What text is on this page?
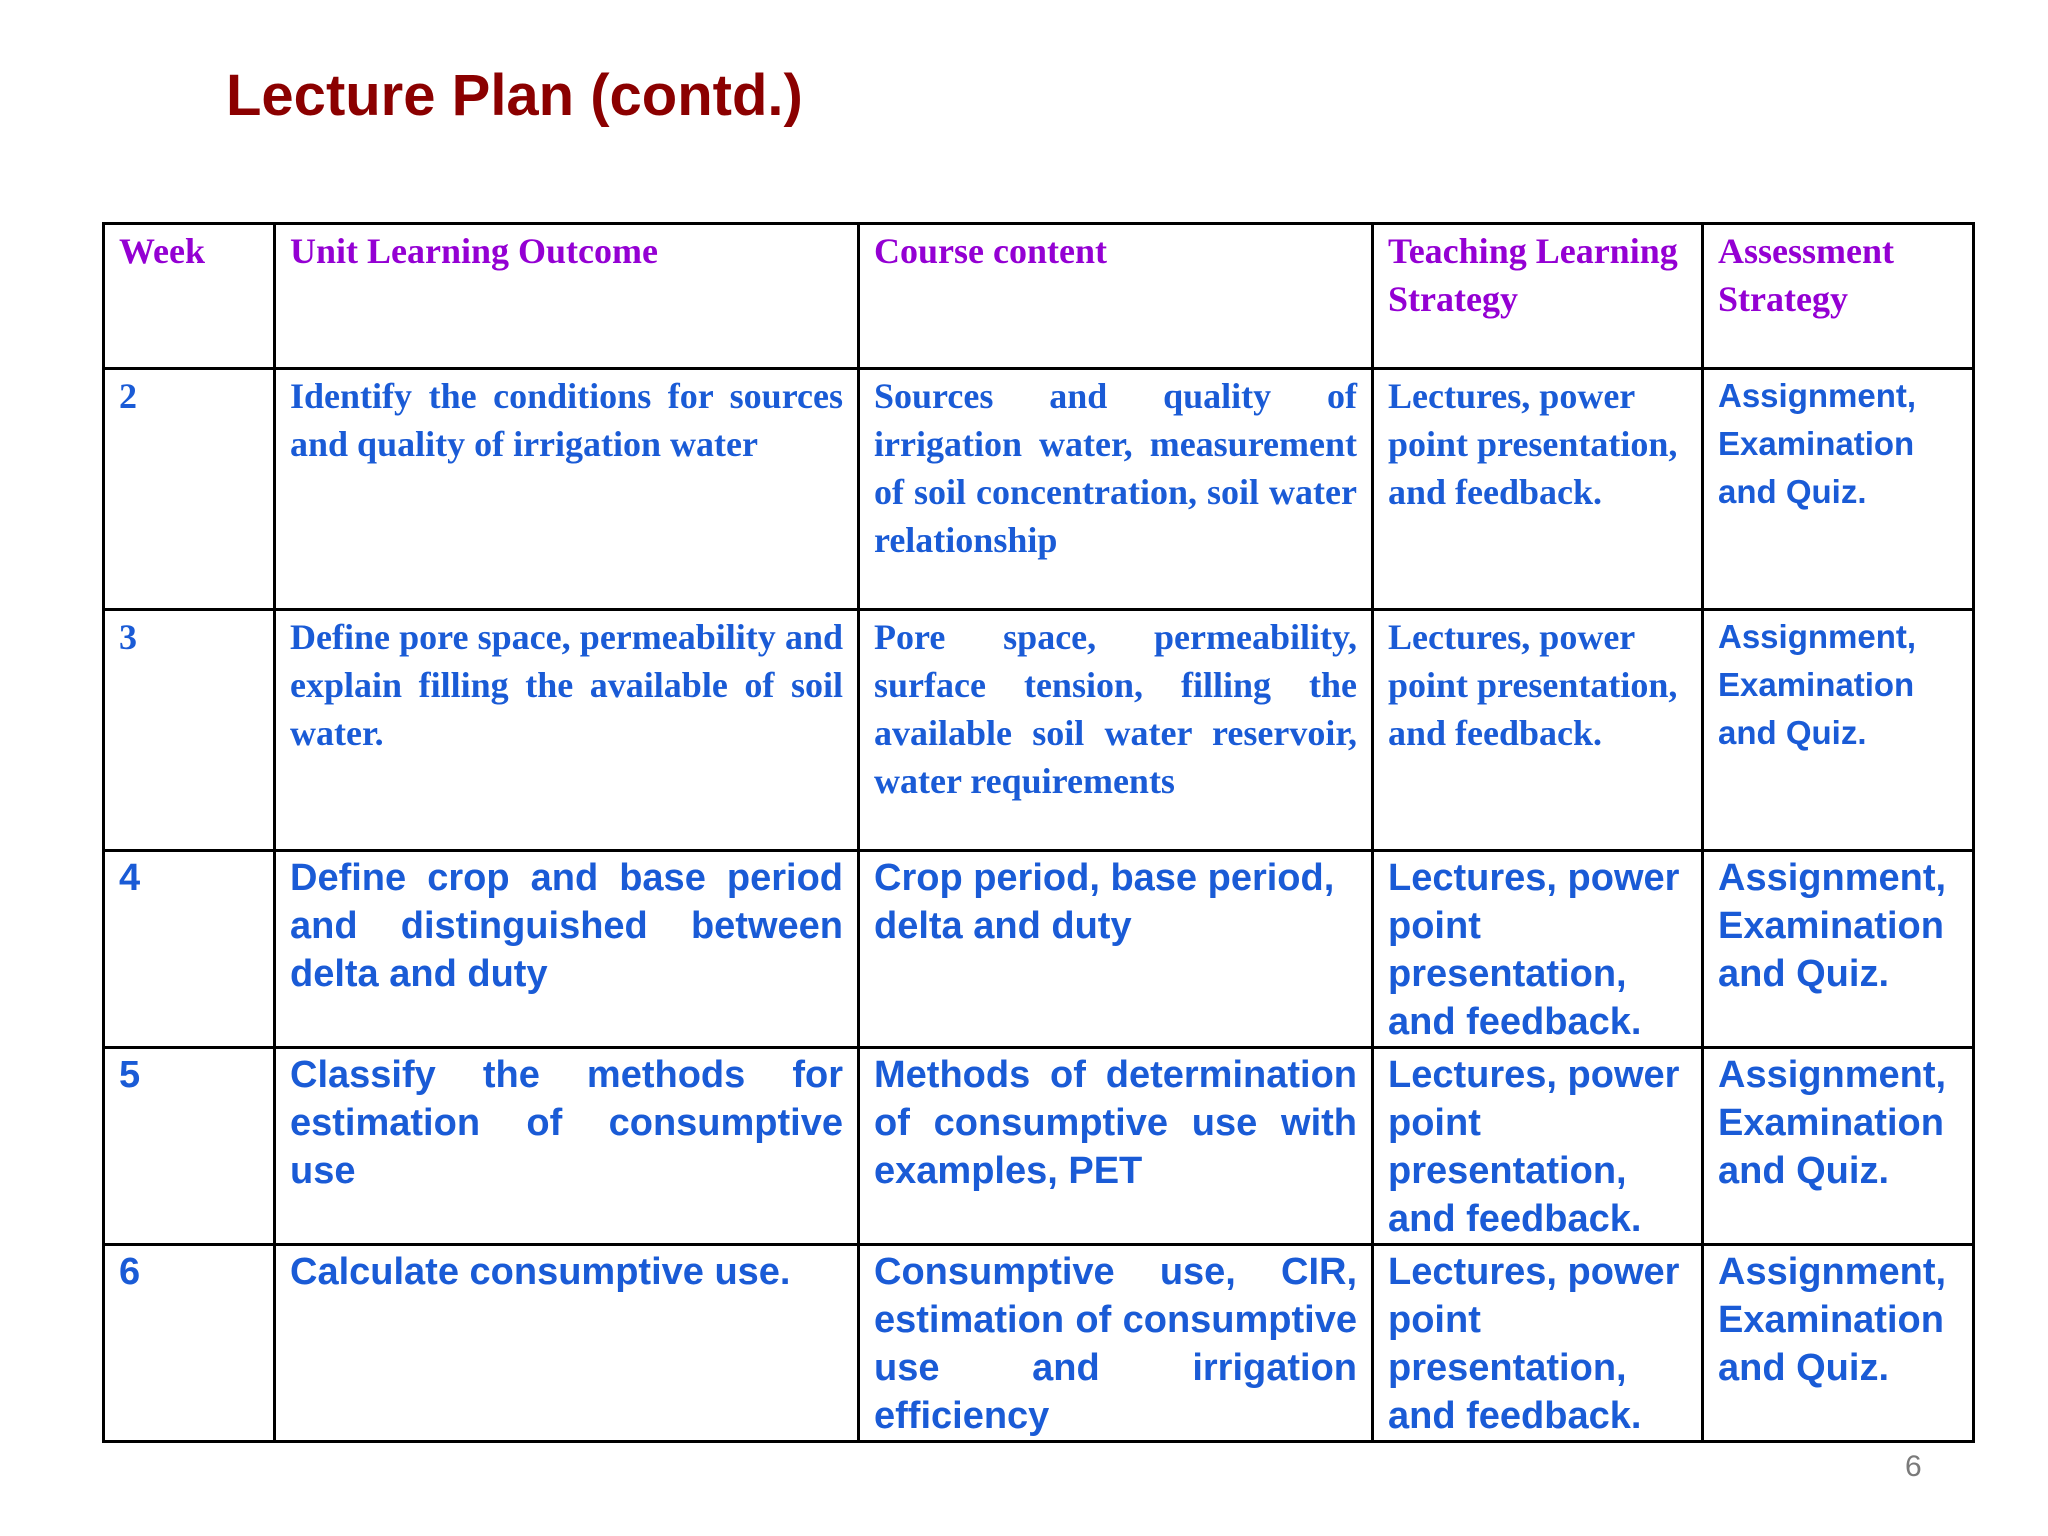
Lecture Plan (contd.)
Week	Unit Learning Outcome	Course content	Teaching Learning Strategy	Assessment Strategy
2	Identify the conditions for sources and quality of irrigation water	Sources and quality of irrigation water, measurement of soil concentration, soil water relationship	Lectures, power point presentation, and feedback.	Assignment, Examination and Quiz.
3	Define pore space, permeability and explain filling the available of soil water.	Pore space, permeability, surface tension, filling the available soil water reservoir, water requirements	Lectures, power point presentation, and feedback.	Assignment, Examination and Quiz.
4	Define crop and base period and distinguished between delta and duty	Crop period, base period, delta and duty	Lectures, power point presentation, and feedback.	Assignment, Examination and Quiz.
5	Classify the methods for estimation of consumptive use	Methods of determination of consumptive use with examples, PET	Lectures, power point presentation, and feedback.	Assignment, Examination and Quiz.
6	Calculate consumptive use.	Consumptive use, CIR, estimation of consumptive use and irrigation efficiency	Lectures, power point presentation, and feedback.	Assignment, Examination and Quiz.
6
